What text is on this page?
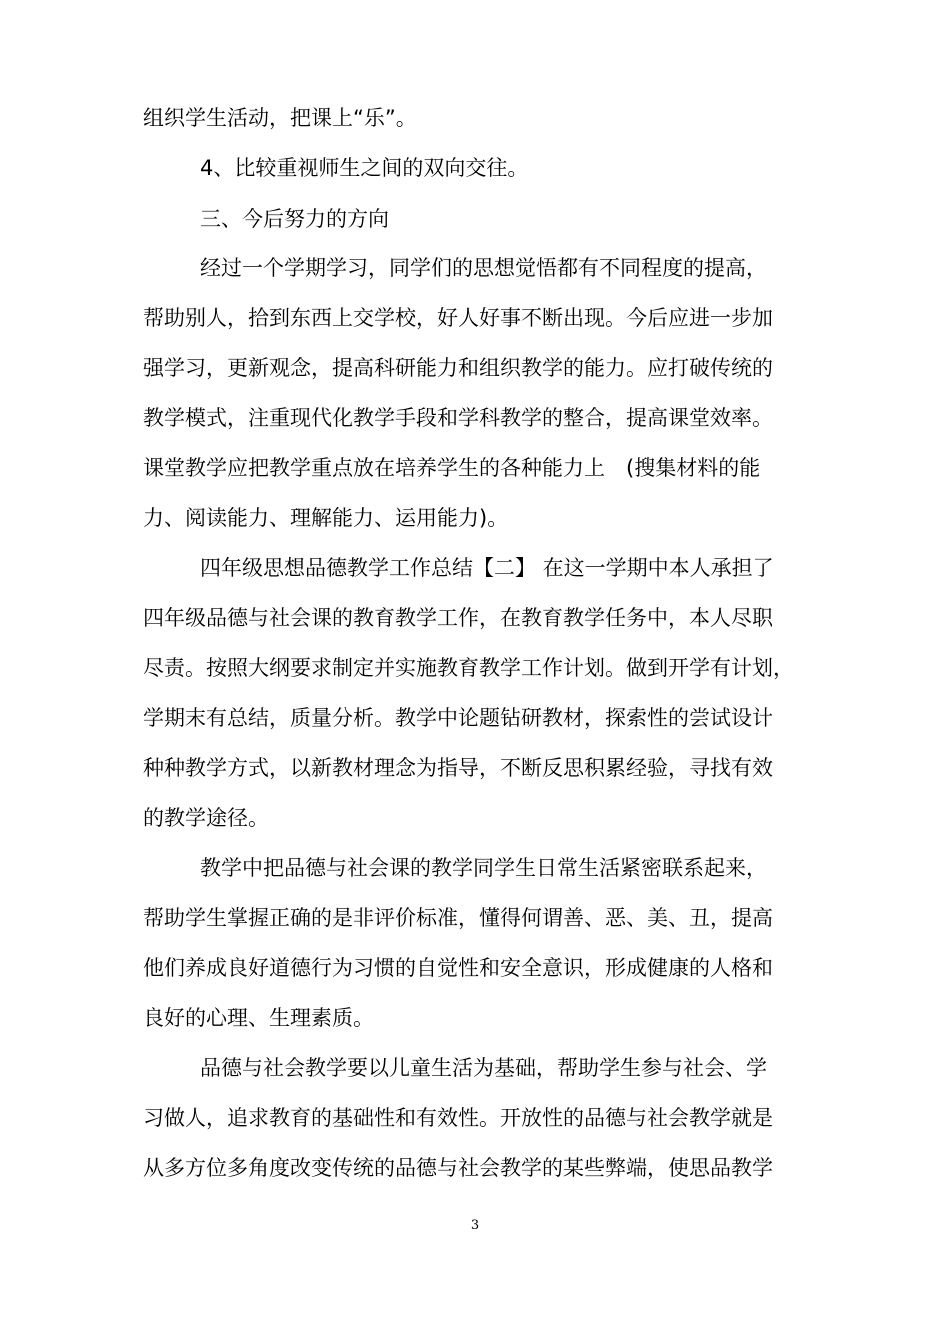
组织学生活动，把课上“乐”。
4、比较重视师生之间的双向交往。
三、今后努力的方向
经过一个学期学习，同学们的思想觉悟都有不同程度的提高，
帮助别人，拾到东西上交学校，好人好事不断出现。今后应进一步加
强学习，更新观念，提高科研能力和组织教学的能力。应打破传统的
教学模式，注重现代化教学手段和学科教学的整合，提高课堂效率。
课堂教学应把教学重点放在培养学生的各种能力上　(搜集材料的能
力、阅读能力、理解能力、运用能力)。
四年级思想品德教学工作总结【二】 在这一学期中本人承担了
四年级品德与社会课的教育教学工作，在教育教学任务中，本人尽职
尽责。按照大纲要求制定并实施教育教学工作计划。做到开学有计划，
学期末有总结，质量分析。教学中论题钻研教材，探索性的尝试设计
种种教学方式，以新教材理念为指导，不断反思积累经验，寻找有效
的教学途径。
教学中把品德与社会课的教学同学生日常生活紧密联系起来，
帮助学生掌握正确的是非评价标准，懂得何谓善、恶、美、丑，提高
他们养成良好道德行为习惯的自觉性和安全意识，形成健康的人格和
良好的心理、生理素质。
品德与社会教学要以儿童生活为基础，帮助学生参与社会、学
习做人，追求教育的基础性和有效性。开放性的品德与社会教学就是
从多方位多角度改变传统的品德与社会教学的某些弊端，使思品教学
3
